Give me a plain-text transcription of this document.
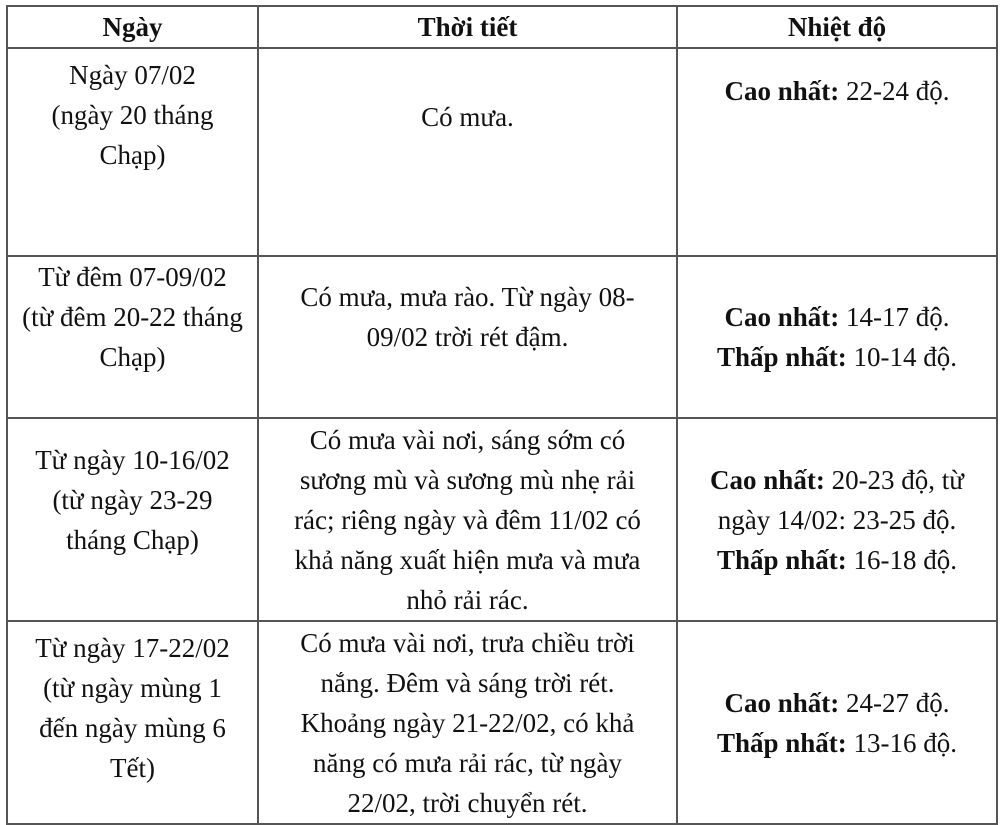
Ngày	Thời tiết	Nhiệt độ

Ngày 07/02
(ngày 20 tháng
Chạp)	Có mưa.	Cao nhất: 22-24 độ.

Từ đêm 07-09/02
(từ đêm 20-22 tháng
Chạp)	Có mưa, mưa rào. Từ ngày 08-
09/02 trời rét đậm.	Cao nhất: 14-17 độ.
Thấp nhất: 10-14 độ.

Từ ngày 10-16/02
(từ ngày 23-29
tháng Chạp)	Có mưa vài nơi, sáng sớm có
sương mù và sương mù nhẹ rải
rác; riêng ngày và đêm 11/02 có
khả năng xuất hiện mưa và mưa
nhỏ rải rác.	Cao nhất: 20-23 độ, từ
ngày 14/02: 23-25 độ.
Thấp nhất: 16-18 độ.

Từ ngày 17-22/02
(từ ngày mùng 1
đến ngày mùng 6
Tết)	Có mưa vài nơi, trưa chiều trời
nắng. Đêm và sáng trời rét.
Khoảng ngày 21-22/02, có khả
năng có mưa rải rác, từ ngày
22/02, trời chuyển rét.	Cao nhất: 24-27 độ.
Thấp nhất: 13-16 độ.
